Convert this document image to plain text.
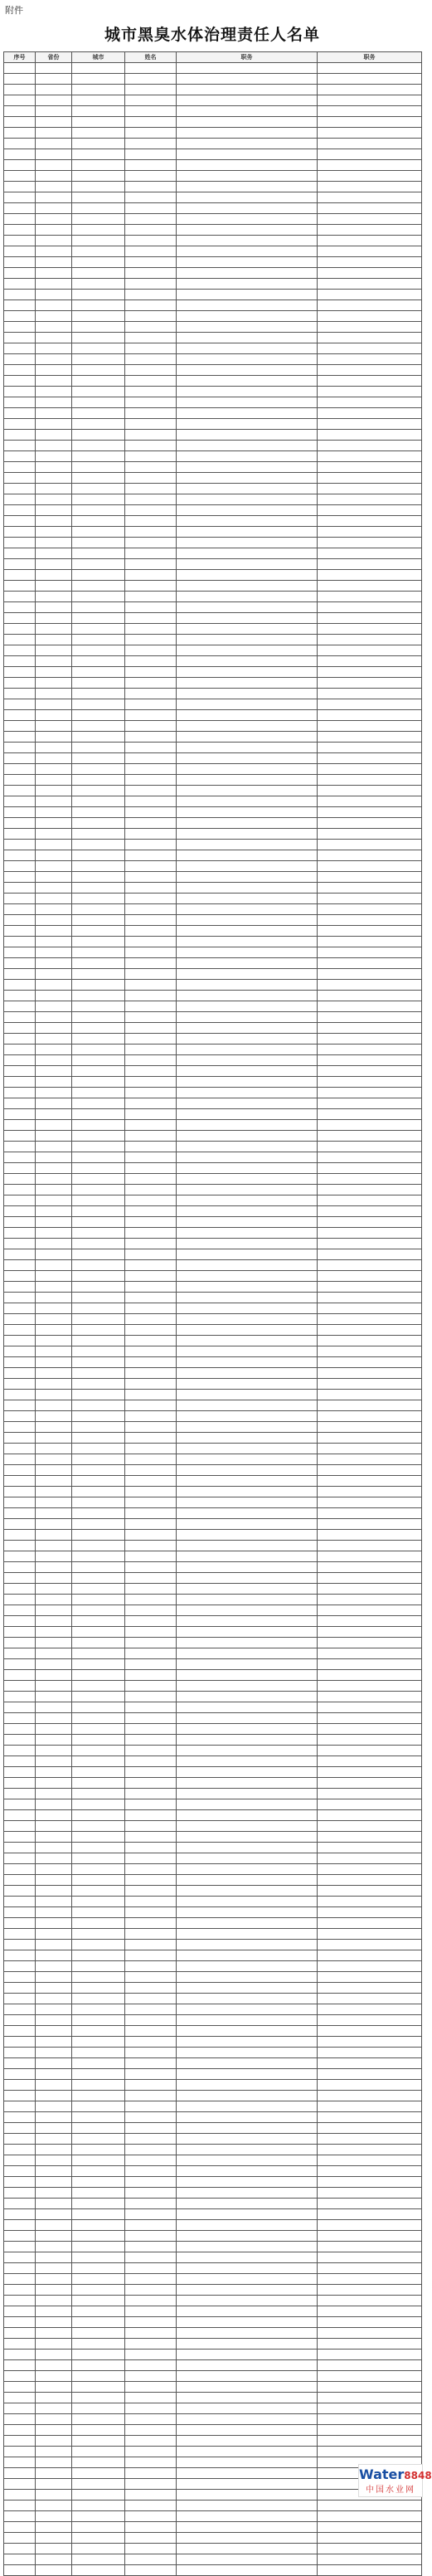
附件
城市黑臭水体治理责任人名单
序号	省份	城市	姓名	职务	职务

Water8848
中国水业网
